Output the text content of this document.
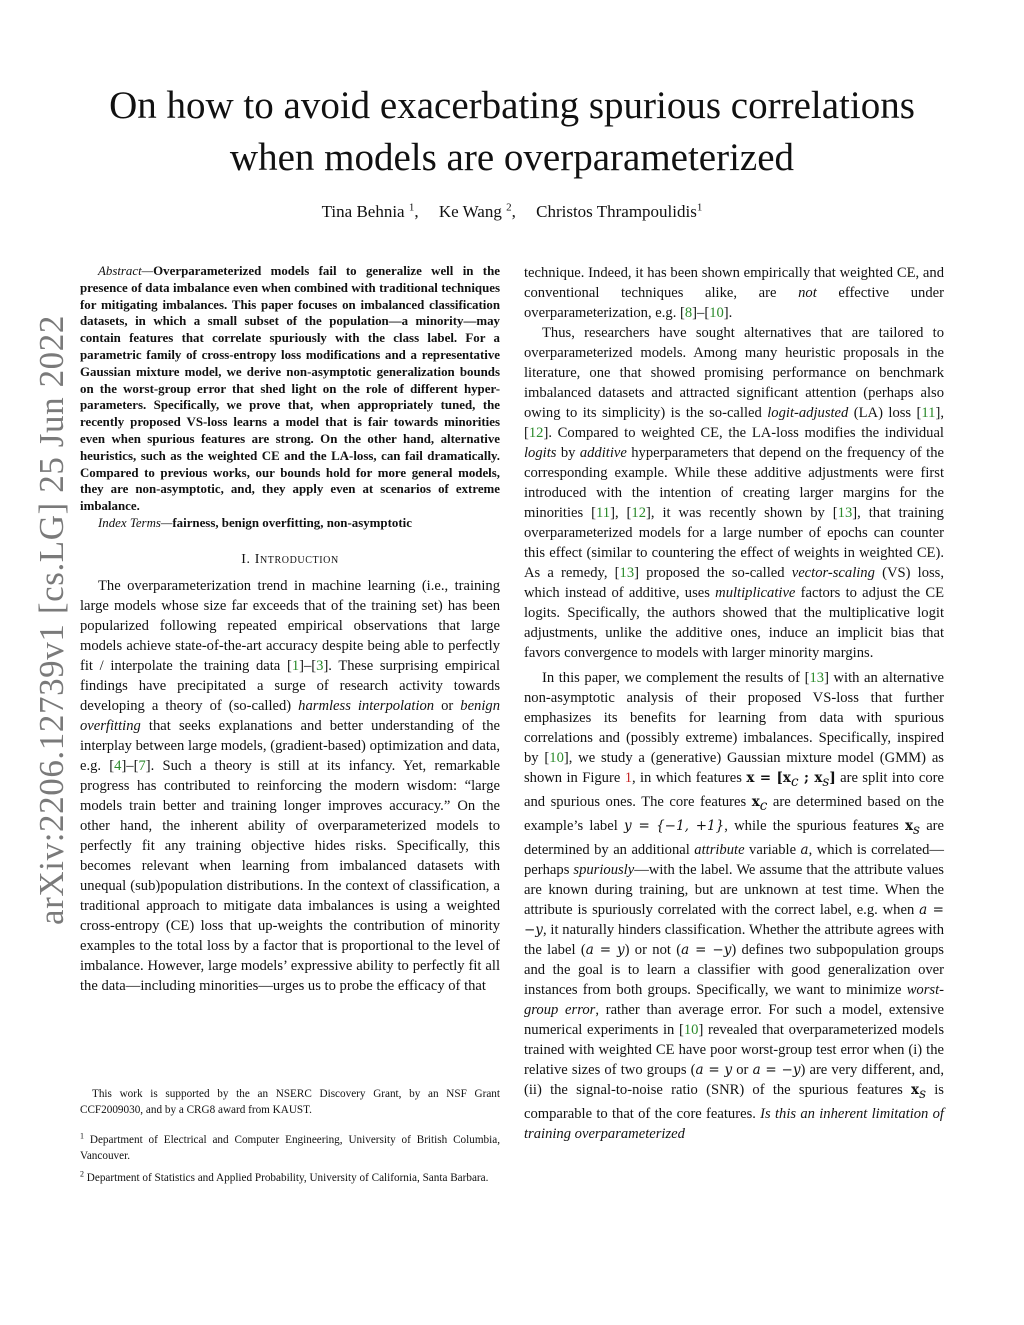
arXiv:2206.12739v1 [cs.LG] 25 Jun 2022
On how to avoid exacerbating spurious correlations
when models are overparameterized
Tina Behnia $^1$, Ke Wang $^2$, Christos Thrampoulidis$^1$
Abstract—Overparameterized models fail to generalize well in the presence of data imbalance even when combined with traditional techniques for mitigating imbalances. This paper focuses on imbalanced classification datasets, in which a small subset of the population—a minority—may contain features that correlate spuriously with the class label. For a parametric family of cross-entropy loss modifications and a representative Gaussian mixture model, we derive non-asymptotic generalization bounds on the worst-group error that shed light on the role of different hyper-parameters. Specifically, we prove that, when appropriately tuned, the recently proposed VS-loss learns a model that is fair towards minorities even when spurious features are strong. On the other hand, alternative heuristics, such as the weighted CE and the LA-loss, can fail dramatically. Compared to previous works, our bounds hold for more general models, they are non-asymptotic, and, they apply even at scenarios of extreme imbalance.
Index Terms—fairness, benign overfitting, non-asymptotic
I. Introduction

The overparameterization trend in machine learning (i.e., training large models whose size far exceeds that of the training set) has been popularized following repeated empirical observations that large models achieve state-of-the-art accuracy despite being able to perfectly fit / interpolate the training data [1]–[3]. These surprising empirical findings have precipitated a surge of research activity towards developing a theory of (so-called) harmless interpolation or benign overfitting that seeks explanations and better understanding of the interplay between large models, (gradient-based) optimization and data, e.g. [4]–[7]. Such a theory is still at its infancy. Yet, remarkable progress has contributed to reinforcing the modern wisdom: “large models train better and training longer improves accuracy.” On the other hand, the inherent ability of overparameterized models to perfectly fit any training objective hides risks. Specifically, this becomes relevant when learning from imbalanced datasets with unequal (sub)population distributions. In the context of classification, a traditional approach to mitigate data imbalances is using a weighted cross-entropy (CE) loss that up-weights the contribution of minority examples to the total loss by a factor that is proportional to the level of imbalance. However, large models’ expressive ability to perfectly fit all the data—including minorities—urges us to probe the efficacy of that

This work is supported by the an NSERC Discovery Grant, by an NSF Grant CCF2009030, and by a CRG8 award from KAUST.

$^1$ Department of Electrical and Computer Engineering, University of British Columbia, Vancouver.

$^2$ Department of Statistics and Applied Probability, University of California, Santa Barbara.

technique. Indeed, it has been shown empirically that weighted CE, and conventional techniques alike, are not effective under overparameterization, e.g. [8]–[10].

Thus, researchers have sought alternatives that are tailored to overparameterized models. Among many heuristic proposals in the literature, one that showed promising performance on benchmark imbalanced datasets and attracted significant attention (perhaps also owing to its simplicity) is the so-called logit-adjusted (LA) loss [11], [12]. Compared to weighted CE, the LA-loss modifies the individual logits by additive hyperparameters that depend on the frequency of the corresponding example. While these additive adjustments were first introduced with the intention of creating larger margins for the minorities [11], [12], it was recently shown by [13], that training overparameterized models for a large number of epochs can counter this effect (similar to countering the effect of weights in weighted CE). As a remedy, [13] proposed the so-called vector-scaling (VS) loss, which instead of additive, uses multiplicative factors to adjust the CE logits. Specifically, the authors showed that the multiplicative logit adjustments, unlike the additive ones, induce an implicit bias that favors convergence to models with larger minority margins.

In this paper, we complement the results of [13] with an alternative non-asymptotic analysis of their proposed VS-loss that further emphasizes its benefits for learning from data with spurious correlations and (possibly extreme) imbalances. Specifically, inspired by [10], we study a (generative) Gaussian mixture model (GMM) as shown in Figure 1, in which features $x = [x_c$ ; $x_s$] are split into core and spurious ones. The core features $x_c$ are determined based on the example’s label y = {−1, +1}, while the spurious features $x_s$ are determined by an additional attribute variable a, which is correlated—perhaps spuriously—with the label. We assume that the attribute values are known during training, but are unknown at test time. When the attribute is spuriously correlated with the correct label, e.g. when a = −y, it naturally hinders classification. Whether the attribute agrees with the label (a = y) or not (a = −y) defines two subpopulation groups and the goal is to learn a classifier with good generalization over instances from both groups. Specifically, we want to minimize worst-group error, rather than average error. For such a model, extensive numerical experiments in [10] revealed that overparameterized models trained with weighted CE have poor worst-group test error when (i) the relative sizes of two groups (a = y or a = −y) are very different, and, (ii) the signal-to-noise ratio (SNR) of the spurious features $x_s$ is comparable to that of the core features. Is this an inherent limitation of training overparameterized
